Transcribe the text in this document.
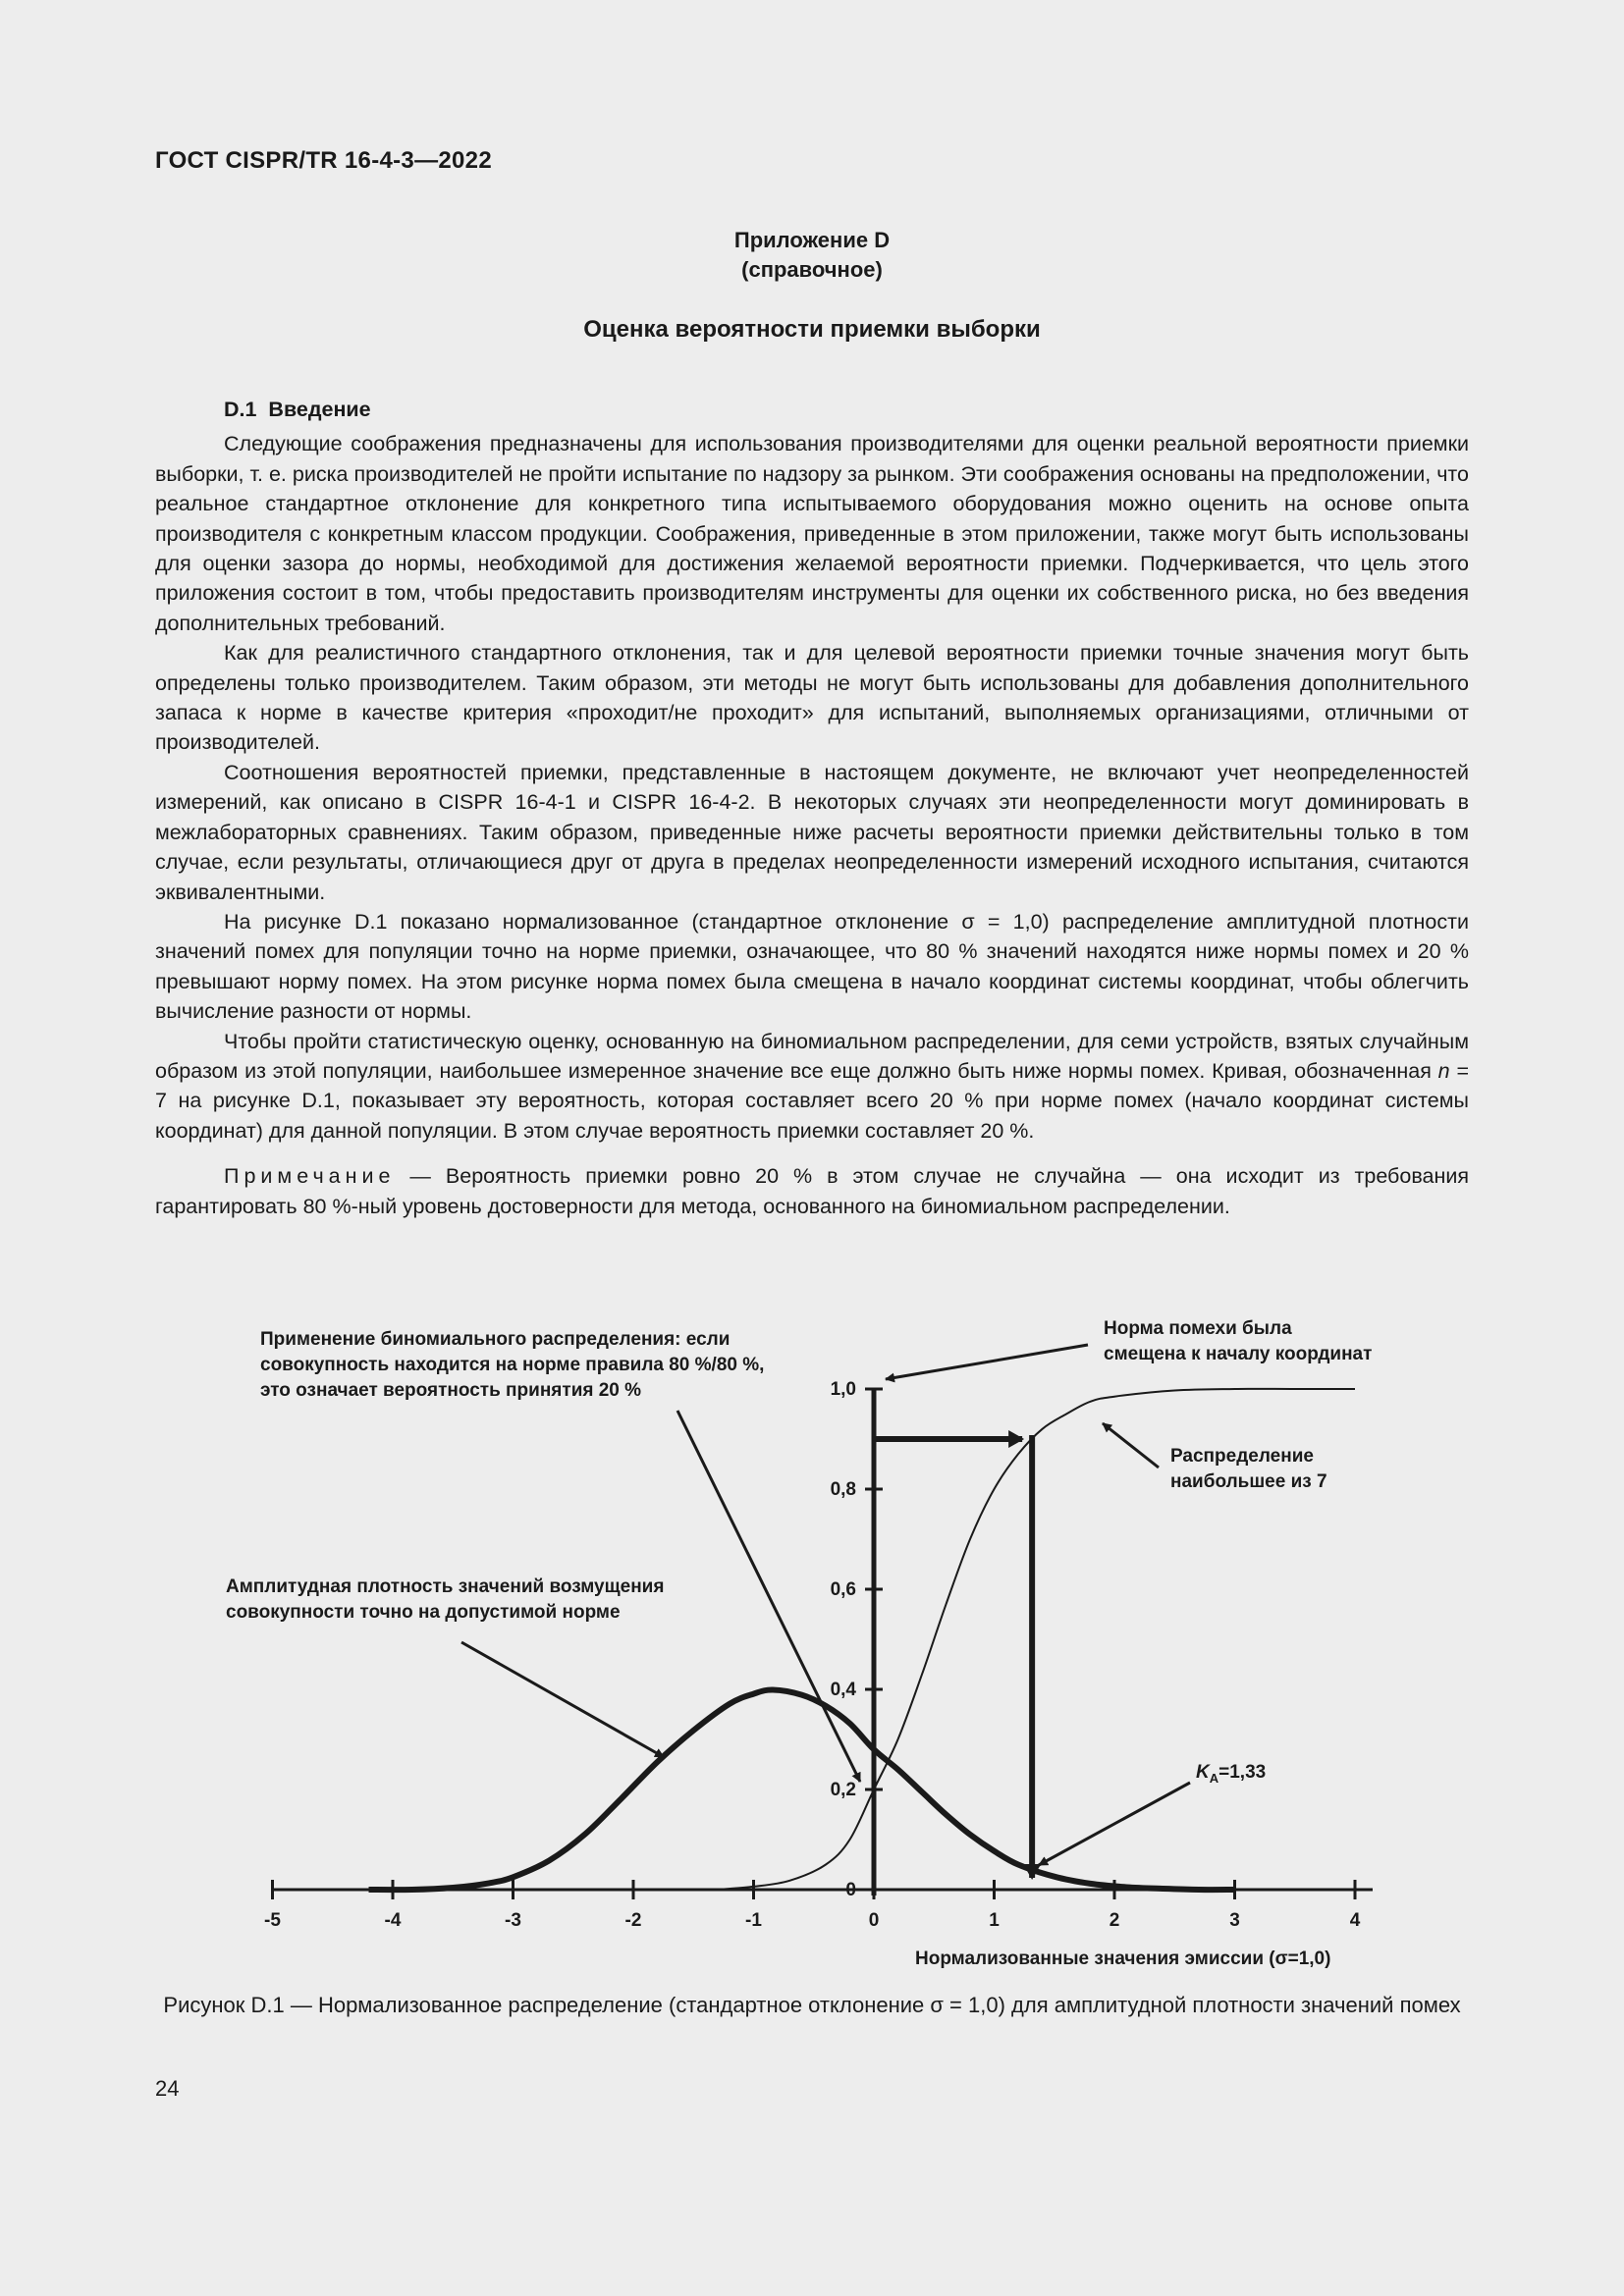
ГОСТ CISPR/TR 16-4-3—2022
Приложение D
(справочное)
Оценка вероятности приемки выборки
D.1 Введение

Следующие соображения предназначены для использования производителями для оценки реальной вероятности приемки выборки, т. е. риска производителей не пройти испытание по надзору за рынком. Эти соображения основаны на предположении, что реальное стандартное отклонение для конкретного типа испытываемого оборудования можно оценить на основе опыта производителя с конкретным классом продукции. Соображения, приведенные в этом приложении, также могут быть использованы для оценки зазора до нормы, необходимой для достижения желаемой вероятности приемки. Подчеркивается, что цель этого приложения состоит в том, чтобы предоставить производителям инструменты для оценки их собственного риска, но без введения дополнительных требований.

Как для реалистичного стандартного отклонения, так и для целевой вероятности приемки точные значения могут быть определены только производителем. Таким образом, эти методы не могут быть использованы для добавления дополнительного запаса к норме в качестве критерия «проходит/не проходит» для испытаний, выполняемых организациями, отличными от производителей.

Соотношения вероятностей приемки, представленные в настоящем документе, не включают учет неопределенностей измерений, как описано в CISPR 16-4-1 и CISPR 16-4-2. В некоторых случаях эти неопределенности могут доминировать в межлабораторных сравнениях. Таким образом, приведенные ниже расчеты вероятности приемки действительны только в том случае, если результаты, отличающиеся друг от друга в пределах неопределенности измерений исходного испытания, считаются эквивалентными.

На рисунке D.1 показано нормализованное (стандартное отклонение σ = 1,0) распределение амплитудной плотности значений помех для популяции точно на норме приемки, означающее, что 80 % значений находятся ниже нормы помех и 20 % превышают норму помех. На этом рисунке норма помех была смещена в начало координат системы координат, чтобы облегчить вычисление разности от нормы.

Чтобы пройти статистическую оценку, основанную на биномиальном распределении, для семи устройств, взятых случайным образом из этой популяции, наибольшее измеренное значение все еще должно быть ниже нормы помех. Кривая, обозначенная n = 7 на рисунке D.1, показывает эту вероятность, которая составляет всего 20 % при норме помех (начало координат системы координат) для данной популяции. В этом случае вероятность приемки составляет 20 %.

Примечание — Вероятность приемки ровно 20 % в этом случае не случайна — она исходит из требования гарантировать 80 %-ный уровень достоверности для метода, основанного на биномиальном распределении.

-5	-4	-3	-2	-1	0	1	2	3	4
0
0,2
0,4
0,6
0,8
1,0
Применение биномиального распределения: если
совокупность находится на норме правила 80 %/80 %,
это означает вероятность принятия 20 %
Норма помехи была
смещена к началу координат
Распределение
наибольшее из 7
Амплитудная плотность значений возмущения
совокупности точно на допустимой норме
$K_A=1,33$
Нормализованные значения эмиссии (σ=1,0)
Рисунок D.1 — Нормализованное распределение (стандартное отклонение σ = 1,0) для амплитудной плотности значений помех
24
